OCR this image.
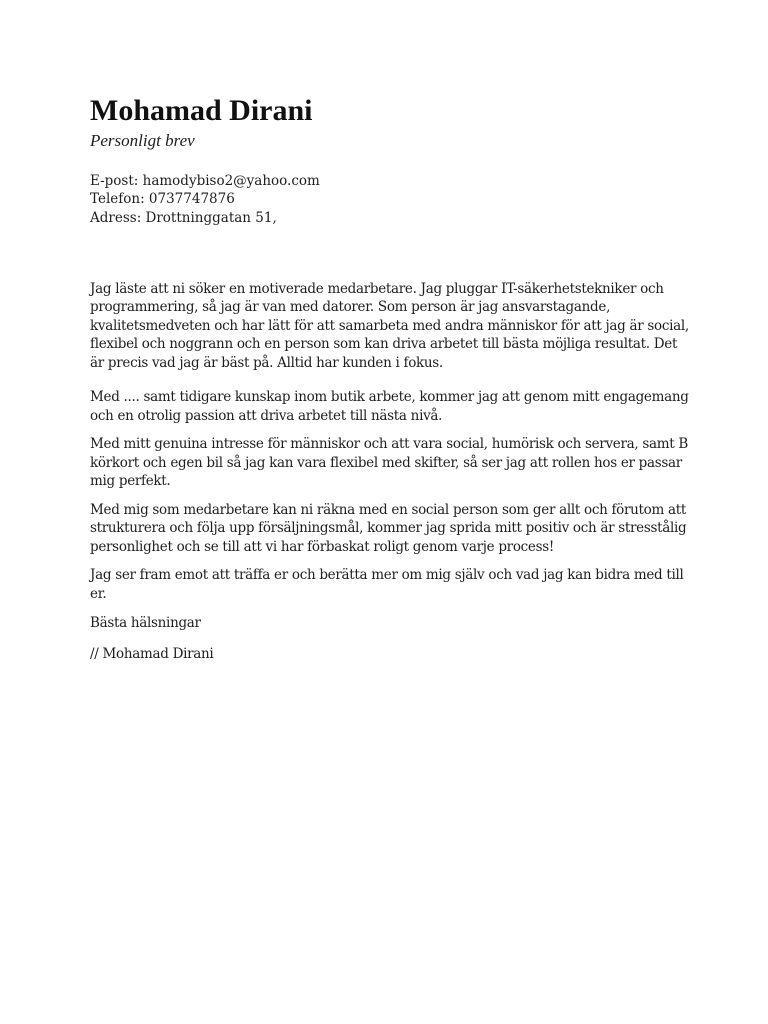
Mohamad Dirani
Personligt brev
E-post: hamodybiso2@yahoo.com
Telefon: 0737747876
Adress: Drottninggatan 51,
Jag läste att ni söker en motiverade medarbetare. Jag pluggar IT-säkerhetstekniker och programmering, så jag är van med datorer. Som person är jag ansvarstagande, kvalitetsmedveten och har lätt för att samarbeta med andra människor för att jag är social, flexibel och noggrann och en person som kan driva arbetet till bästa möjliga resultat. Det är precis vad jag är bäst på. Alltid har kunden i fokus.
Med .... samt tidigare kunskap inom butik arbete, kommer jag att genom mitt engagemang och en otrolig passion att driva arbetet till nästa nivå.
Med mitt genuina intresse för människor och att vara social, humörisk och servera, samt B körkort och egen bil så jag kan vara flexibel med skifter, så ser jag att rollen hos er passar mig perfekt.
Med mig som medarbetare kan ni räkna med en social person som ger allt och förutom att strukturera och följa upp försäljningsmål, kommer jag sprida mitt positiv och är stresstålig personlighet och se till att vi har förbaskat roligt genom varje process!
Jag ser fram emot att träffa er och berätta mer om mig själv och vad jag kan bidra med till er.
Bästa hälsningar
// Mohamad Dirani
